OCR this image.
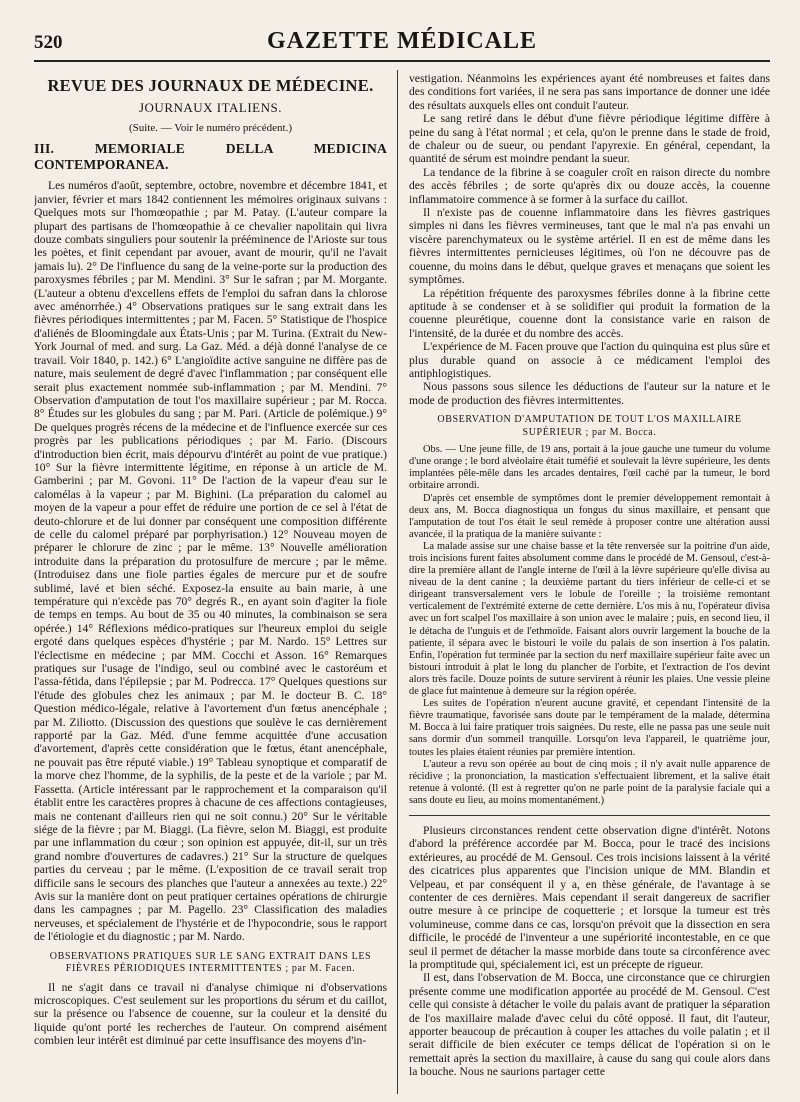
520	GAZETTE MÉDICALE
REVUE DES JOURNAUX DE MÉDECINE.
JOURNAUX ITALIENS.
(Suite. — Voir le numéro précédent.)
III. MEMORIALE DELLA MEDICINA CONTEMPORANEA.

Les numéros d'août, septembre, octobre, novembre et décembre 1841, et janvier, février et mars 1842 contiennent les mémoires originaux suivans : Quelques mots sur l'homœopathie ; par M. Patay. (L'auteur compare la plupart des partisans de l'homœopathie à ce chevalier napolitain qui livra douze combats singuliers pour soutenir la prééminence de l'Arioste sur tous les poètes, et finit cependant par avouer, avant de mourir, qu'il ne l'avait jamais lu). 2° De l'influence du sang de la veine-porte sur la production des paroxysmes fébriles ; par M. Mendini. 3° Sur le safran ; par M. Morgante. (L'auteur a obtenu d'excellens effets de l'emploi du safran dans la chlorose avec aménorrhée.) 4° Observations pratiques sur le sang extrait dans les fièvres périodiques intermittentes ; par M. Facen. 5° Statistique de l'hospice d'aliénés de Bloomingdale aux États-Unis ; par M. Turina. (Extrait du New-York Journal of med. and surg. La Gaz. Méd. a déjà donné l'analyse de ce travail. Voir 1840, p. 142.) 6° L'angioïdite active sanguine ne diffère pas de nature, mais seulement de degré d'avec l'inflammation ; par conséquent elle serait plus exactement nommée sub-inflammation ; par M. Mendini. 7° Observation d'amputation de tout l'os maxillaire supérieur ; par M. Rocca. 8° Études sur les globules du sang ; par M. Pari. (Article de polémique.) 9° De quelques progrès récens de la médecine et de l'influence exercée sur ces progrès par les publications périodiques ; par M. Fario. (Discours d'introduction bien écrit, mais dépourvu d'intérêt au point de vue pratique.) 10° Sur la fièvre intermittente légitime, en réponse à un article de M. Gamberini ; par M. Govoni. 11° De l'action de la vapeur d'eau sur le calomélas à la vapeur ; par M. Bighini. (La préparation du calomel au moyen de la vapeur a pour effet de réduire une portion de ce sel à l'état de deuto-chlorure et de lui donner par conséquent une composition différente de celle du calomel préparé par porphyrisation.) 12° Nouveau moyen de préparer le chlorure de zinc ; par le même. 13° Nouvelle amélioration introduite dans la préparation du protosulfure de mercure ; par le même. (Introduisez dans une fiole parties égales de mercure pur et de soufre sublimé, lavé et bien séché. Exposez-la ensuite au bain marie, à une température qui n'excède pas 70° degrés R., en ayant soin d'agiter la fiole de temps en temps. Au bout de 35 ou 40 minutes, la combinaison se sera opérée.) 14° Réflexions médico-pratiques sur l'heureux emploi du seigle ergoté dans quelques espèces d'hystérie ; par M. Nardo. 15° Lettres sur l'éclectisme en médecine ; par MM. Cocchi et Asson. 16° Remarques pratiques sur l'usage de l'indigo, seul ou combiné avec le castoréum et l'assa-fétida, dans l'épilepsie ; par M. Podrecca. 17° Quelques questions sur l'étude des globules chez les animaux ; par M. le docteur B. C. 18° Question médico-légale, relative à l'avortement d'un fœtus anencéphale ; par M. Ziliotto. (Discussion des questions que soulève le cas dernièrement rapporté par la Gaz. Méd. d'une femme acquittée d'une accusation d'avortement, d'après cette considération que le fœtus, étant anencéphale, ne pouvait pas être réputé viable.) 19° Tableau synoptique et comparatif de la morve chez l'homme, de la syphilis, de la peste et de la variole ; par M. Fassetta. (Article intéressant par le rapprochement et la comparaison qu'il établit entre les caractères propres à chacune de ces affections contagieuses, mais ne contenant d'ailleurs rien qui ne soit connu.) 20° Sur le véritable siége de la fièvre ; par M. Biaggi. (La fièvre, selon M. Biaggi, est produite par une inflammation du cœur ; son opinion est appuyée, dit-il, sur un très grand nombre d'ouvertures de cadavres.) 21° Sur la structure de quelques parties du cerveau ; par le même. (L'exposition de ce travail serait trop difficile sans le secours des planches que l'auteur a annexées au texte.) 22° Avis sur la manière dont on peut pratiquer certaines opérations de chirurgie dans les campagnes ; par M. Pagello. 23° Classification des maladies nerveuses, et spécialement de l'hystérie et de l'hypocondrie, sous le rapport de l'étiologie et du diagnostic ; par M. Nardo.

OBSERVATIONS PRATIQUES SUR LE SANG EXTRAIT DANS LES FIÈVRES PÉRIODIQUES INTERMITTENTES ; par M. Facen.

Il ne s'agit dans ce travail ni d'analyse chimique ni d'observations microscopiques. C'est seulement sur les proportions du sérum et du caillot, sur la présence ou l'absence de couenne, sur la couleur et la densité du liquide qu'ont porté les recherches de l'auteur. On comprend aisément combien leur intérêt est diminué par cette insuffisance des moyens d'in-

vestigation. Néanmoins les expériences ayant été nombreuses et faites dans des conditions fort variées, il ne sera pas sans importance de donner une idée des résultats auxquels elles ont conduit l'auteur.

Le sang retiré dans le début d'une fièvre périodique légitime diffère à peine du sang à l'état normal ; et cela, qu'on le prenne dans le stade de froid, de chaleur ou de sueur, ou pendant l'apyrexie. En général, cependant, la quantité de sérum est moindre pendant la sueur.

La tendance de la fibrine à se coaguler croît en raison directe du nombre des accès fébriles ; de sorte qu'après dix ou douze accès, la couenne inflammatoire commence à se former à la surface du caillot.

Il n'existe pas de couenne inflammatoire dans les fièvres gastriques simples ni dans les fièvres vermineuses, tant que le mal n'a pas envahi un viscère parenchymateux ou le système artériel. Il en est de même dans les fièvres intermittentes pernicieuses légitimes, où l'on ne découvre pas de couenne, du moins dans le début, quelque graves et menaçans que soient les symptômes.

La répétition fréquente des paroxysmes fébriles donne à la fibrine cette aptitude à se condenser et à se solidifier qui produit la formation de la couenne pleurétique, couenne dont la consistance varie en raison de l'intensité, de la durée et du nombre des accès.

L'expérience de M. Facen prouve que l'action du quinquina est plus sûre et plus durable quand on associe à ce médicament l'emploi des antiphlogistiques.

Nous passons sous silence les déductions de l'auteur sur la nature et le mode de production des fièvres intermittentes.

OBSERVATION D'AMPUTATION DE TOUT L'OS MAXILLAIRE SUPÉRIEUR ; par M. Bocca.

Obs. — Une jeune fille, de 19 ans, portait à la joue gauche une tumeur du volume d'une orange ; le bord alvéolaire était tuméfié et soulevait la lèvre supérieure, les dents implantées pêle-mêle dans les arcades dentaires, l'œil caché par la tumeur, le bord orbitaire arrondi.

D'après cet ensemble de symptômes dont le premier développement remontait à deux ans, M. Bocca diagnostiqua un fongus du sinus maxillaire, et pensant que l'amputation de tout l'os était le seul remède à proposer contre une altération aussi avancée, il la pratiqua de la manière suivante :

La malade assise sur une chaise basse et la tête renversée sur la poitrine d'un aide, trois incisions furent faites absolument comme dans le procédé de M. Gensoul, c'est-à-dire la première allant de l'angle interne de l'œil à la lèvre supérieure qu'elle divisa au niveau de la dent canine ; la deuxième partant du tiers inférieur de celle-ci et se dirigeant transversalement vers le lobule de l'oreille ; la troisième remontant verticalement de l'extrémité externe de cette dernière. L'os mis à nu, l'opérateur divisa avec un fort scalpel l'os maxillaire à son union avec le malaire ; puis, en second lieu, il le détacha de l'unguis et de l'ethmoïde. Faisant alors ouvrir largement la bouche de la patiente, il sépara avec le bistouri le voile du palais de son insertion à l'os palatin. Enfin, l'opération fut terminée par la section du nerf maxillaire supérieur faite avec un bistouri introduit à plat le long du plancher de l'orbite, et l'extraction de l'os devint alors très facile. Douze points de suture servirent à réunir les plaies. Une vessie pleine de glace fut maintenue à demeure sur la région opérée.

Les suites de l'opération n'eurent aucune gravité, et cependant l'intensité de la fièvre traumatique, favorisée sans doute par le tempérament de la malade, détermina M. Bocca à lui faire pratiquer trois saignées. Du reste, elle ne passa pas une seule nuit sans dormir d'un sommeil tranquille. Lorsqu'on leva l'appareil, le quatrième jour, toutes les plaies étaient réunies par première intention.

L'auteur a revu son opérée au bout de cinq mois ; il n'y avait nulle apparence de récidive ; la prononciation, la mastication s'effectuaient librement, et la salive était retenue à volonté. (Il est à regretter qu'on ne parle point de la paralysie faciale qui a sans doute eu lieu, au moins momentanément.)

Plusieurs circonstances rendent cette observation digne d'intérêt. Notons d'abord la préférence accordée par M. Bocca, pour le tracé des incisions extérieures, au procédé de M. Gensoul. Ces trois incisions laissent à la vérité des cicatrices plus apparentes que l'incision unique de MM. Blandin et Velpeau, et par conséquent il y a, en thèse générale, de l'avantage à se contenter de ces dernières. Mais cependant il serait dangereux de sacrifier outre mesure à ce principe de coquetterie ; et lorsque la tumeur est très volumineuse, comme dans ce cas, lorsqu'on prévoit que la dissection en sera difficile, le procédé de l'inventeur a une supériorité incontestable, en ce que seul il permet de détacher la masse morbide dans toute sa circonférence avec la promptitude qui, spécialement ici, est un précepte de rigueur.

Il est, dans l'observation de M. Bocca, une circonstance que ce chirurgien présente comme une modification apportée au procédé de M. Gensoul. C'est celle qui consiste à détacher le voile du palais avant de pratiquer la séparation de l'os maxillaire malade d'avec celui du côté opposé. Il faut, dit l'auteur, apporter beaucoup de précaution à couper les attaches du voile palatin ; et il serait difficile de bien exécuter ce temps délicat de l'opération si on le remettait après la section du maxillaire, à cause du sang qui coule alors dans la bouche. Nous ne saurions partager cette
